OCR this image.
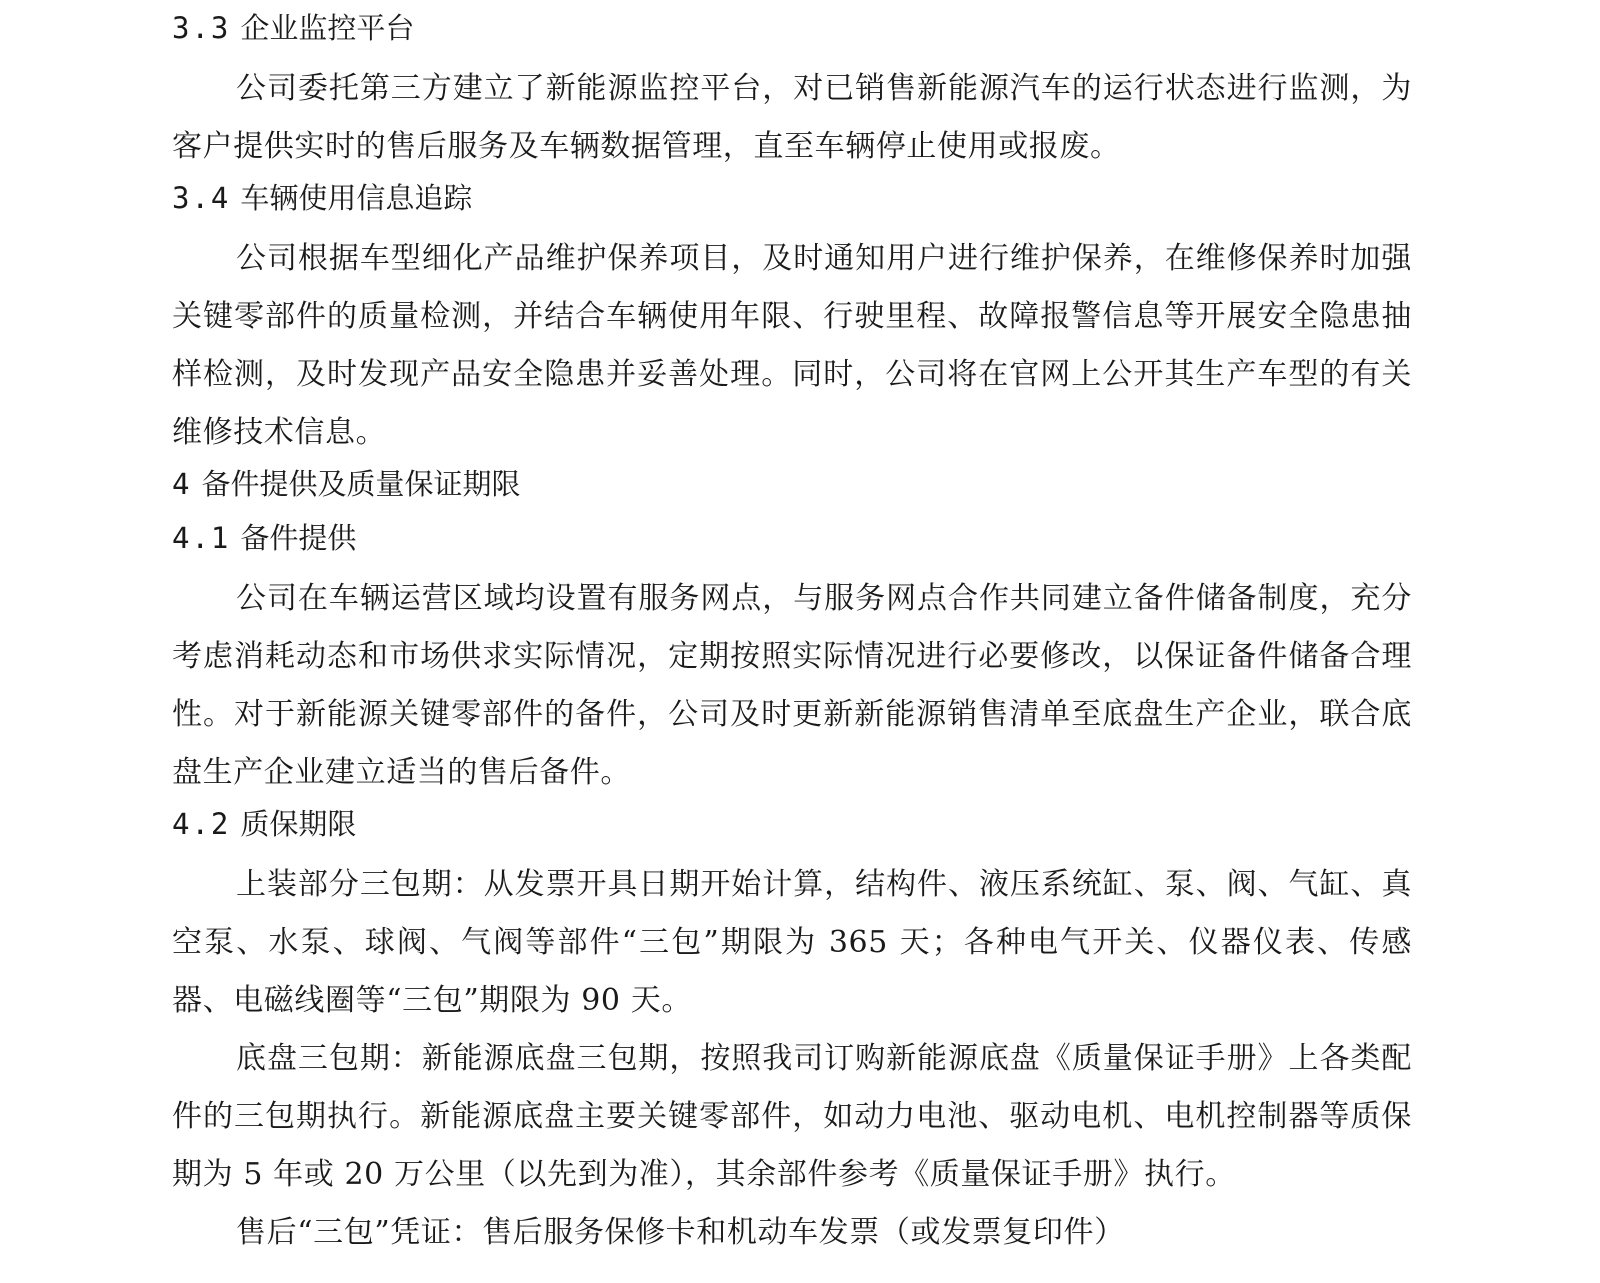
3.3 企业监控平台

公司委托第三方建立了新能源监控平台，对已销售新能源汽车的运行状态进行监测，为客户提供实时的售后服务及车辆数据管理，直至车辆停止使用或报废。

3.4 车辆使用信息追踪

公司根据车型细化产品维护保养项目，及时通知用户进行维护保养，在维修保养时加强关键零部件的质量检测，并结合车辆使用年限、行驶里程、故障报警信息等开展安全隐患抽样检测，及时发现产品安全隐患并妥善处理。同时，公司将在官网上公开其生产车型的有关维修技术信息。

4 备件提供及质量保证期限
4.1 备件提供

公司在车辆运营区域均设置有服务网点，与服务网点合作共同建立备件储备制度，充分考虑消耗动态和市场供求实际情况，定期按照实际情况进行必要修改，以保证备件储备合理性。对于新能源关键零部件的备件，公司及时更新新能源销售清单至底盘生产企业，联合底盘生产企业建立适当的售后备件。

4.2 质保期限

上装部分三包期：从发票开具日期开始计算，结构件、液压系统缸、泵、阀、气缸、真空泵、水泵、球阀、气阀等部件“三包”期限为 365 天；各种电气开关、仪器仪表、传感器、电磁线圈等“三包”期限为 90 天。

底盘三包期：新能源底盘三包期，按照我司订购新能源底盘《质量保证手册》上各类配件的三包期执行。新能源底盘主要关键零部件，如动力电池、驱动电机、电机控制器等质保期为 5 年或 20 万公里（以先到为准），其余部件参考《质量保证手册》执行。

售后“三包”凭证：售后服务保修卡和机动车发票（或发票复印件）
